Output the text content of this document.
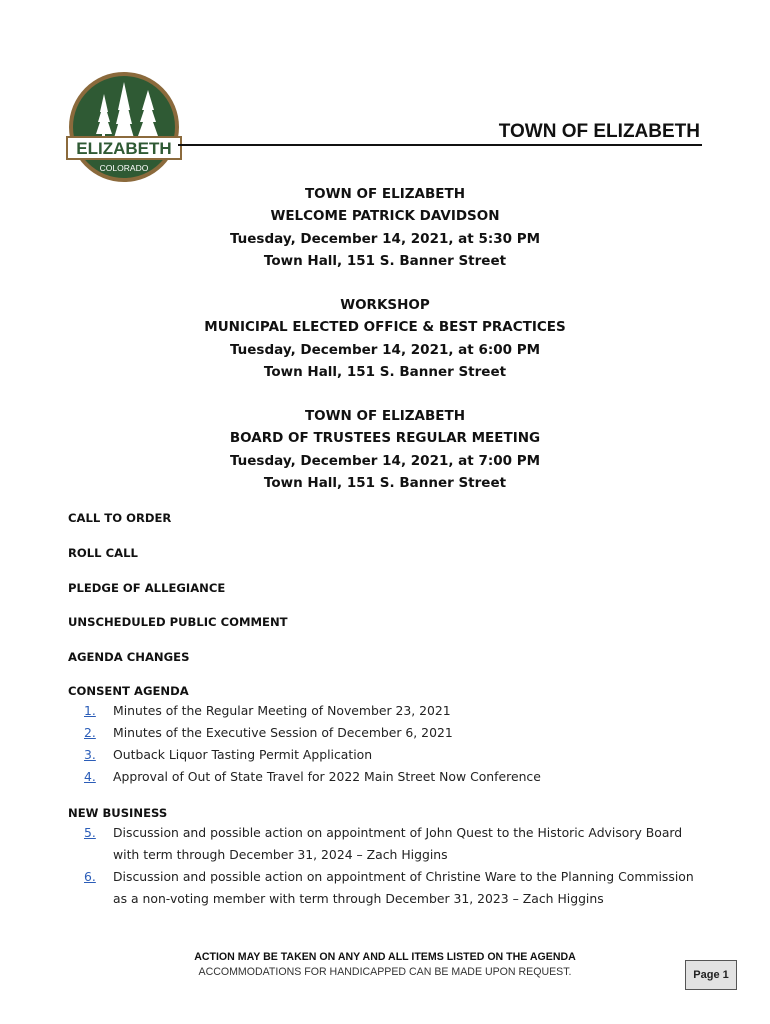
ELIZABETH
COLORADO
TOWN OF ELIZABETH
TOWN OF ELIZABETH
WELCOME PATRICK DAVIDSON
Tuesday, December 14, 2021, at 5:30 PM
Town Hall, 151 S. Banner Street
WORKSHOP
MUNICIPAL ELECTED OFFICE & BEST PRACTICES
Tuesday, December 14, 2021, at 6:00 PM
Town Hall, 151 S. Banner Street
TOWN OF ELIZABETH
BOARD OF TRUSTEES REGULAR MEETING
Tuesday, December 14, 2021, at 7:00 PM
Town Hall, 151 S. Banner Street
CALL TO ORDER
ROLL CALL
PLEDGE OF ALLEGIANCE
UNSCHEDULED PUBLIC COMMENT
AGENDA CHANGES
CONSENT AGENDA
1. Minutes of the Regular Meeting of November 23, 2021
2. Minutes of the Executive Session of December 6, 2021
3. Outback Liquor Tasting Permit Application
4. Approval of Out of State Travel for 2022 Main Street Now Conference
NEW BUSINESS
5. Discussion and possible action on appointment of John Quest to the Historic Advisory Board
with term through December 31, 2024 – Zach Higgins
6. Discussion and possible action on appointment of Christine Ware to the Planning Commission
as a non-voting member with term through December 31, 2023 – Zach Higgins
ACTION MAY BE TAKEN ON ANY AND ALL ITEMS LISTED ON THE AGENDA
ACCOMMODATIONS FOR HANDICAPPED CAN BE MADE UPON REQUEST.	Page 1
